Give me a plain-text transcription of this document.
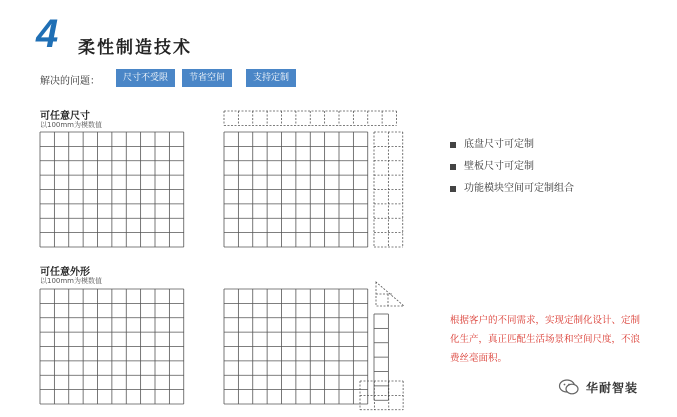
4 柔性制造技术
解决的问题：	尺寸不受限	节省空间	支持定制
可任意尺寸
以100mm为模数值
可任意外形
以100mm为模数值
底盘尺寸可定制
壁板尺寸可定制
功能模块空间可定制组合
根据客户的不同需求，实现定制化设计、定制化生产，真正匹配生活场景和空间尺度，不浪费丝毫面积。
华耐智装
